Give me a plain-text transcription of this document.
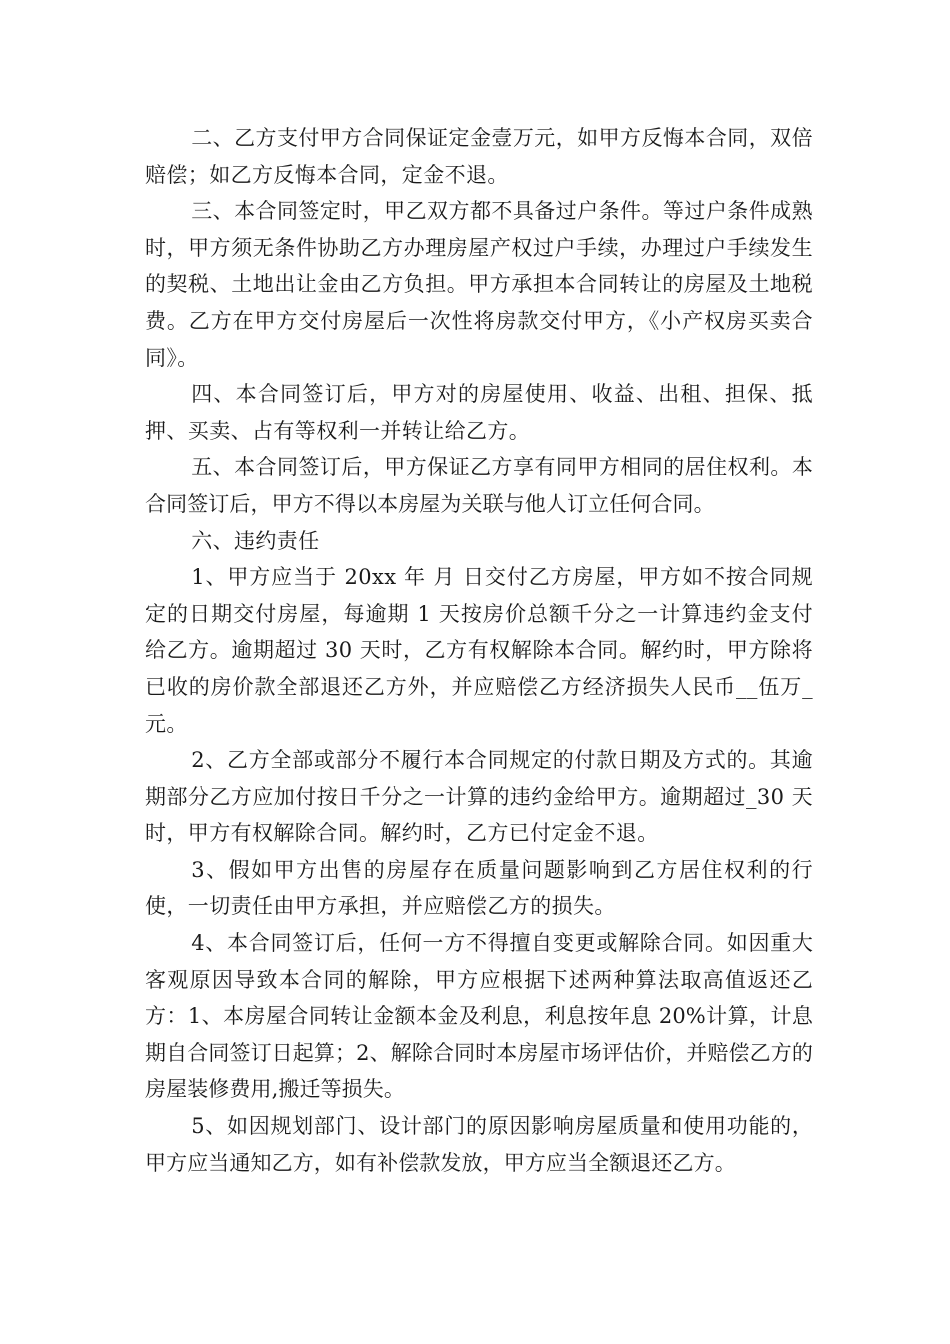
二、乙方支付甲方合同保证定金壹万元，如甲方反悔本合同，双倍赔偿；如乙方反悔本合同，定金不退。

三、本合同签定时，甲乙双方都不具备过户条件。等过户条件成熟时，甲方须无条件协助乙方办理房屋产权过户手续，办理过户手续发生的契税、土地出让金由乙方负担。甲方承担本合同转让的房屋及土地税费。乙方在甲方交付房屋后一次性将房款交付甲方，《小产权房买卖合同》。

四、本合同签订后，甲方对的房屋使用、收益、出租、担保、抵押、买卖、占有等权利一并转让给乙方。

五、本合同签订后，甲方保证乙方享有同甲方相同的居住权利。本合同签订后，甲方不得以本房屋为关联与他人订立任何合同。

六、违约责任

1、甲方应当于 20xx 年 月 日交付乙方房屋，甲方如不按合同规定的日期交付房屋，每逾期 1 天按房价总额千分之一计算违约金支付给乙方。逾期超过 30 天时，乙方有权解除本合同。解约时，甲方除将已收的房价款全部退还乙方外，并应赔偿乙方经济损失人民币__伍万_元。

2、乙方全部或部分不履行本合同规定的付款日期及方式的。其逾期部分乙方应加付按日千分之一计算的违约金给甲方。逾期超过_30 天时，甲方有权解除合同。解约时，乙方已付定金不退。

3、假如甲方出售的房屋存在质量问题影响到乙方居住权利的行使，一切责任由甲方承担，并应赔偿乙方的损失。

4、本合同签订后，任何一方不得擅自变更或解除合同。如因重大客观原因导致本合同的解除，甲方应根据下述两种算法取高值返还乙方：1、本房屋合同转让金额本金及利息，利息按年息 20%计算，计息期自合同签订日起算；2、解除合同时本房屋市场评估价，并赔偿乙方的房屋装修费用,搬迁等损失。

5、如因规划部门、设计部门的原因影响房屋质量和使用功能的，甲方应当通知乙方，如有补偿款发放，甲方应当全额退还乙方。
